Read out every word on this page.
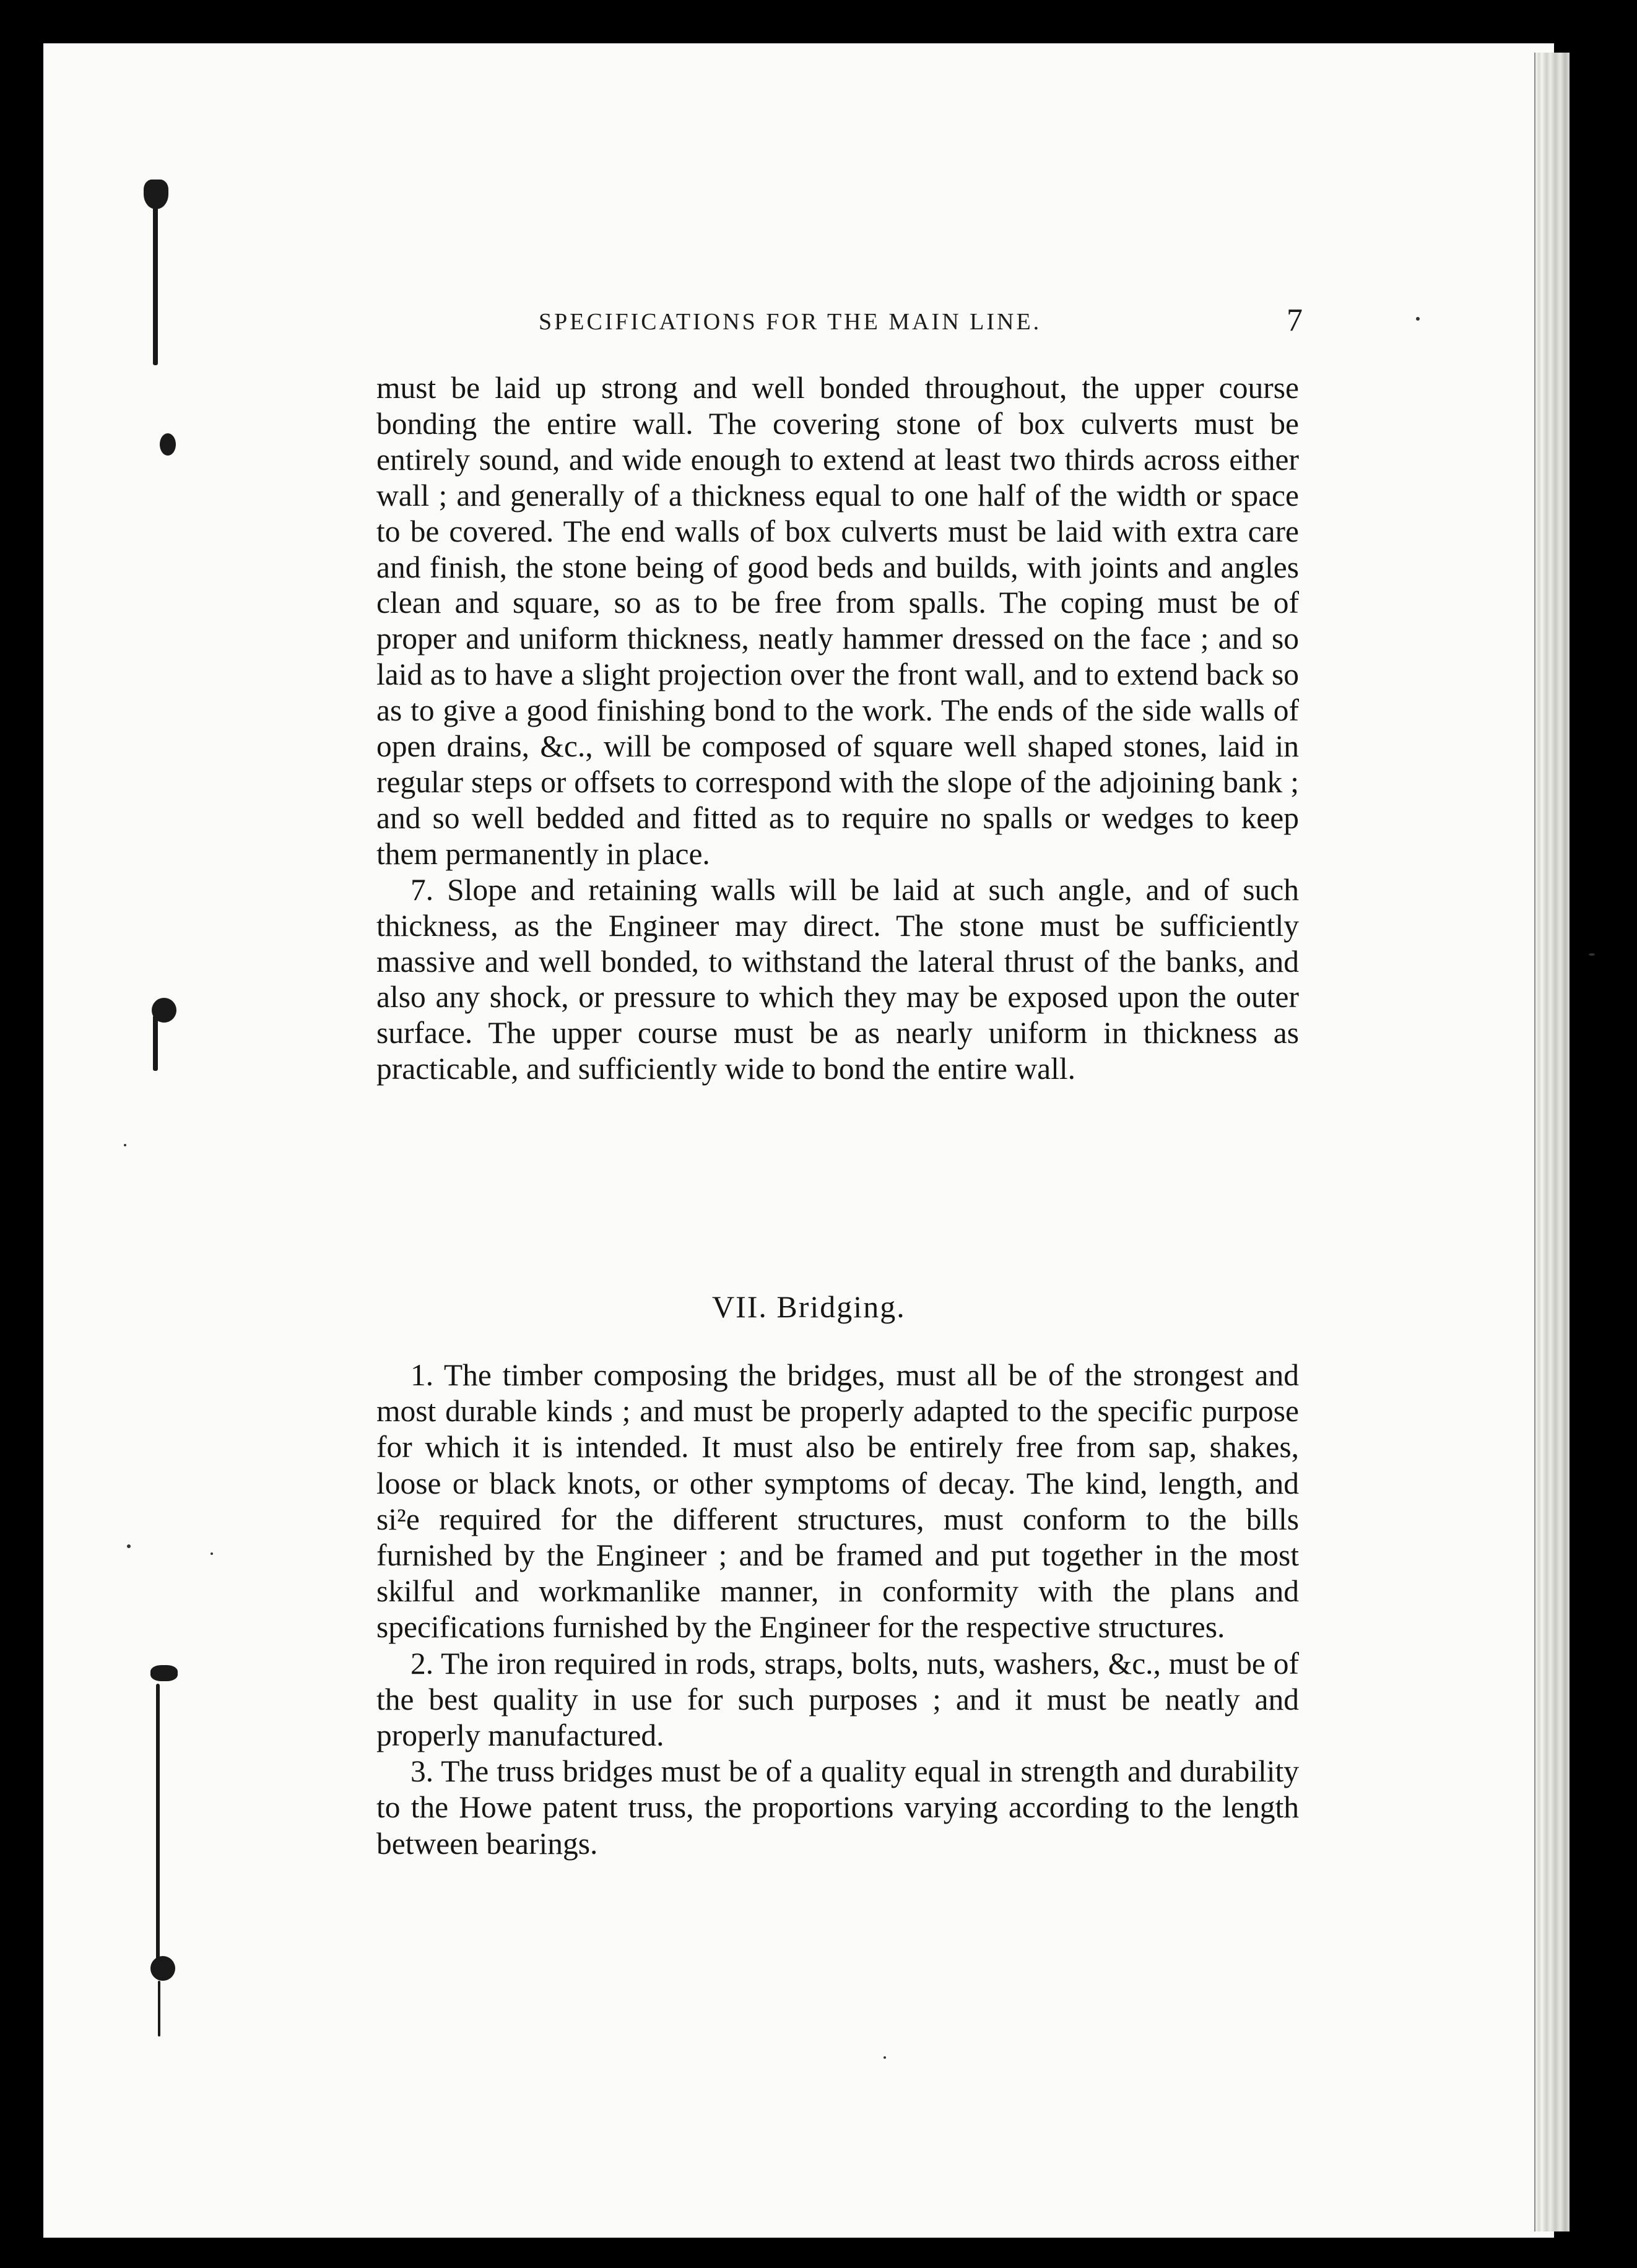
SPECIFICATIONS FOR THE MAIN LINE.	7

must be laid up strong and well bonded throughout, the upper course bonding the entire wall. The covering stone of box culverts must be entirely sound, and wide enough to extend at least two thirds across either wall ; and generally of a thickness equal to one half of the width or space to be covered. The end walls of box culverts must be laid with extra care and finish, the stone being of good beds and builds, with joints and angles clean and square, so as to be free from spalls. The coping must be of proper and uniform thickness, neatly hammer dressed on the face ; and so laid as to have a slight projection over the front wall, and to extend back so as to give a good finishing bond to the work. The ends of the side walls of open drains, &c., will be composed of square well shaped stones, laid in regular steps or offsets to correspond with the slope of the adjoining bank ; and so well bedded and fitted as to require no spalls or wedges to keep them permanently in place.

7. Slope and retaining walls will be laid at such angle, and of such thickness, as the Engineer may direct. The stone must be sufficiently massive and well bonded, to withstand the lateral thrust of the banks, and also any shock, or pressure to which they may be exposed upon the outer surface. The upper course must be as nearly uniform in thickness as practicable, and sufficiently wide to bond the entire wall.

VII. Bridging.

1. The timber composing the bridges, must all be of the strongest and most durable kinds ; and must be properly adapted to the specific purpose for which it is intended. It must also be entirely free from sap, shakes, loose or black knots, or other symptoms of decay. The kind, length, and si²e required for the different structures, must conform to the bills furnished by the Engineer ; and be framed and put together in the most skilful and workmanlike manner, in conformity with the plans and specifications furnished by the Engineer for the respective structures.

2. The iron required in rods, straps, bolts, nuts, washers, &c., must be of the best quality in use for such purposes ; and it must be neatly and properly manufactured.

3. The truss bridges must be of a quality equal in strength and durability to the Howe patent truss, the proportions varying according to the length between bearings.
